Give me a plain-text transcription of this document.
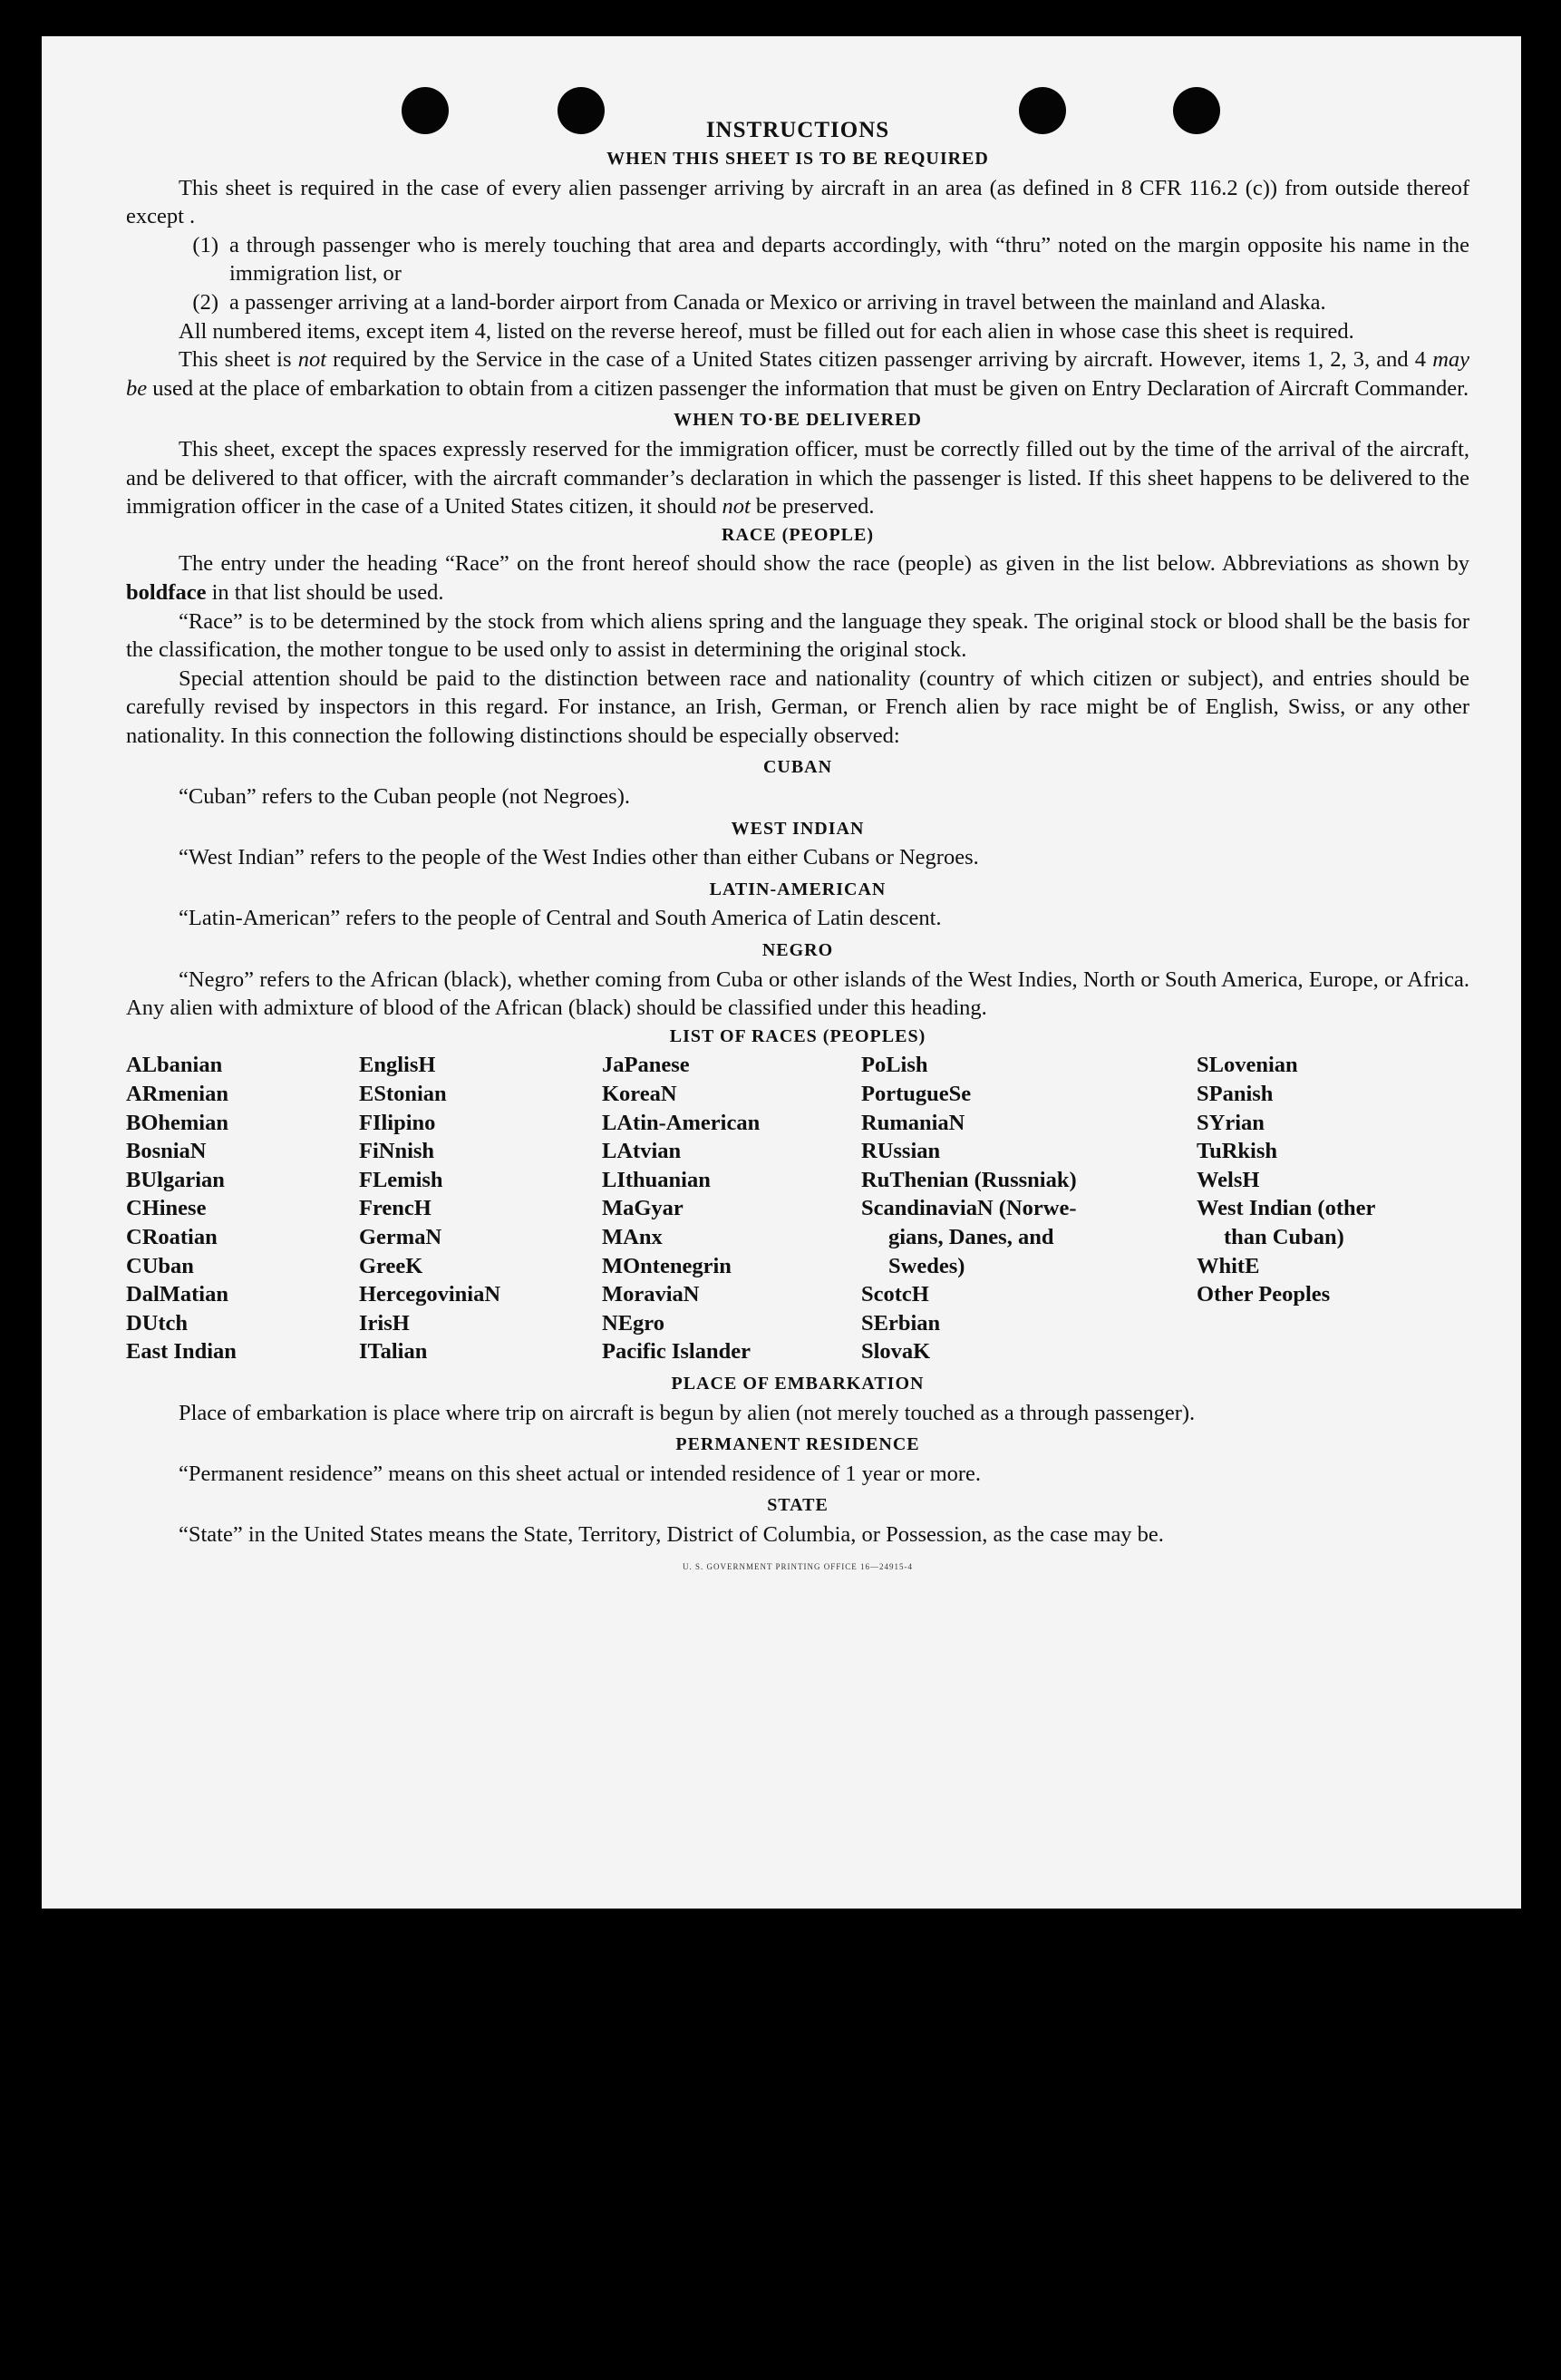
INSTRUCTIONS
WHEN THIS SHEET IS TO BE REQUIRED

This sheet is required in the case of every alien passenger arriving by aircraft in an area (as defined in 8 CFR 116.2 (c)) from outside thereof except .

(1) a through passenger who is merely touching that area and departs accordingly, with “thru” noted on the margin opposite his name in the immigration list, or
(2) a passenger arriving at a land-border airport from Canada or Mexico or arriving in travel between the mainland and Alaska.

All numbered items, except item 4, listed on the reverse hereof, must be filled out for each alien in whose case this sheet is required.

This sheet is not required by the Service in the case of a United States citizen passenger arriving by aircraft. However, items 1, 2, 3, and 4 may be used at the place of embarkation to obtain from a citizen passenger the information that must be given on Entry Declaration of Aircraft Commander.

WHEN TO·BE DELIVERED

This sheet, except the spaces expressly reserved for the immigration officer, must be correctly filled out by the time of the arrival of the aircraft, and be delivered to that officer, with the aircraft commander’s declaration in which the passenger is listed. If this sheet happens to be delivered to the immigration officer in the case of a United States citizen, it should not be preserved.

RACE (PEOPLE)

The entry under the heading “Race” on the front hereof should show the race (people) as given in the list below. Abbreviations as shown by boldface in that list should be used.

“Race” is to be determined by the stock from which aliens spring and the language they speak. The original stock or blood shall be the basis for the classification, the mother tongue to be used only to assist in determining the original stock.

Special attention should be paid to the distinction between race and nationality (country of which citizen or subject), and entries should be carefully revised by inspectors in this regard. For instance, an Irish, German, or French alien by race might be of English, Swiss, or any other nationality. In this connection the following distinctions should be especially observed:

CUBAN

“Cuban” refers to the Cuban people (not Negroes).

WEST INDIAN

“West Indian” refers to the people of the West Indies other than either Cubans or Negroes.

LATIN-AMERICAN

“Latin-American” refers to the people of Central and South America of Latin descent.

NEGRO

“Negro” refers to the African (black), whether coming from Cuba or other islands of the West Indies, North or South America, Europe, or Africa. Any alien with admixture of blood of the African (black) should be classified under this heading.

LIST OF RACES (PEOPLES)
ALbanian
ARmenian
BOhemian
BosniaN
BUlgarian
CHinese
CRoatian
CUban
DalMatian
DUtch
East Indian
EnglisH
EStonian
FIlipino
FiNnish
FLemish
FrencH
GermaN
GreeK
HercegoviniaN
IrisH
ITalian
JaPanese
KoreaN
LAtin-American
LAtvian
LIthuanian
MaGyar
MAnx
MOntenegrin
MoraviaN
NEgro
Pacific Islander
PoLish
PortugueSe
RumaniaN
RUssian
RuThenian (Russniak)
ScandinaviaN (Norwe-
gians, Danes, and
Swedes)
ScotcH
SErbian
SlovaK
SLovenian
SPanish
SYrian
TuRkish
WelsH
West Indian (other
than Cuban)
WhitE
Other Peoples
PLACE OF EMBARKATION

Place of embarkation is place where trip on aircraft is begun by alien (not merely touched as a through passenger).

PERMANENT RESIDENCE

“Permanent residence” means on this sheet actual or intended residence of 1 year or more.

STATE

“State” in the United States means the State, Territory, District of Columbia, or Possession, as the case may be.

U. S. GOVERNMENT PRINTING OFFICE 16—24915-4
